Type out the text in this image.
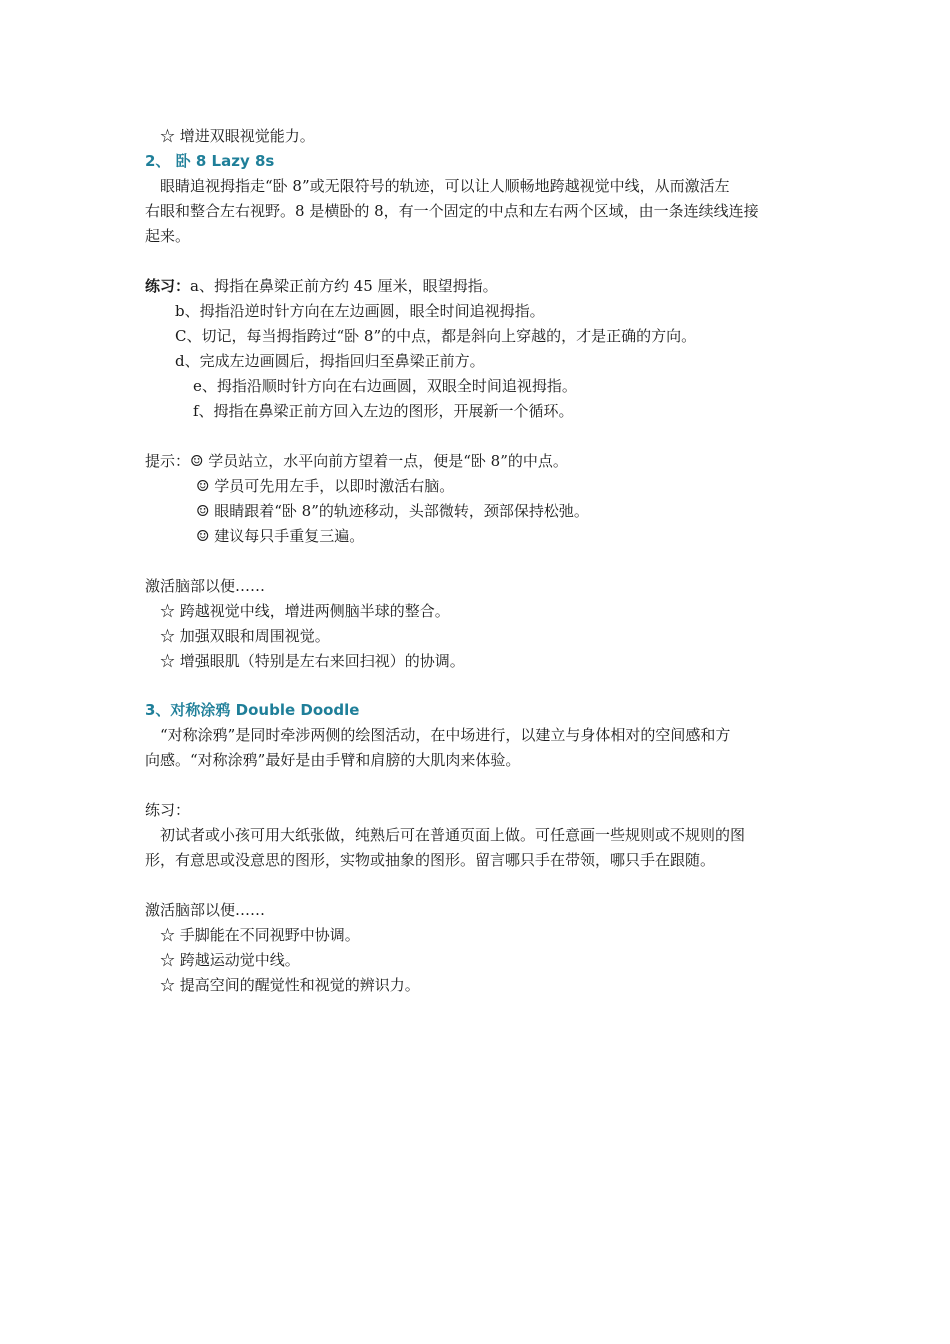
☆ 增进双眼视觉能力。
2、 卧 8 Lazy 8s
眼睛追视拇指走“卧 8”或无限符号的轨迹，可以让人顺畅地跨越视觉中线，从而激活左
右眼和整合左右视野。8 是横卧的 8，有一个固定的中点和左右两个区域，由一条连续线连接
起来。
练习：a、拇指在鼻梁正前方约 45 厘米，眼望拇指。
b、拇指沿逆时针方向在左边画圆，眼全时间追视拇指。
C、切记，每当拇指跨过“卧 8”的中点，都是斜向上穿越的，才是正确的方向。
d、完成左边画圆后，拇指回归至鼻梁正前方。
e、拇指沿顺时针方向在右边画圆，双眼全时间追视拇指。
f、拇指在鼻梁正前方回入左边的图形，开展新一个循环。
提示：☺ 学员站立，水平向前方望着一点，便是“卧 8”的中点。
☺ 学员可先用左手，以即时激活右脑。
☺ 眼睛跟着“卧 8”的轨迹移动，头部微转，颈部保持松弛。
☺ 建议每只手重复三遍。
激活脑部以便……
☆ 跨越视觉中线，增进两侧脑半球的整合。
☆ 加强双眼和周围视觉。
☆ 增强眼肌（特别是左右来回扫视）的协调。
3、对称涂鸦 Double Doodle
“对称涂鸦”是同时牵涉两侧的绘图活动，在中场进行，以建立与身体相对的空间感和方
向感。“对称涂鸦”最好是由手臂和肩膀的大肌肉来体验。
练习：
初试者或小孩可用大纸张做，纯熟后可在普通页面上做。可任意画一些规则或不规则的图
形，有意思或没意思的图形，实物或抽象的图形。留言哪只手在带领，哪只手在跟随。
激活脑部以便……
☆ 手脚能在不同视野中协调。
☆ 跨越运动觉中线。
☆ 提高空间的醒觉性和视觉的辨识力。
